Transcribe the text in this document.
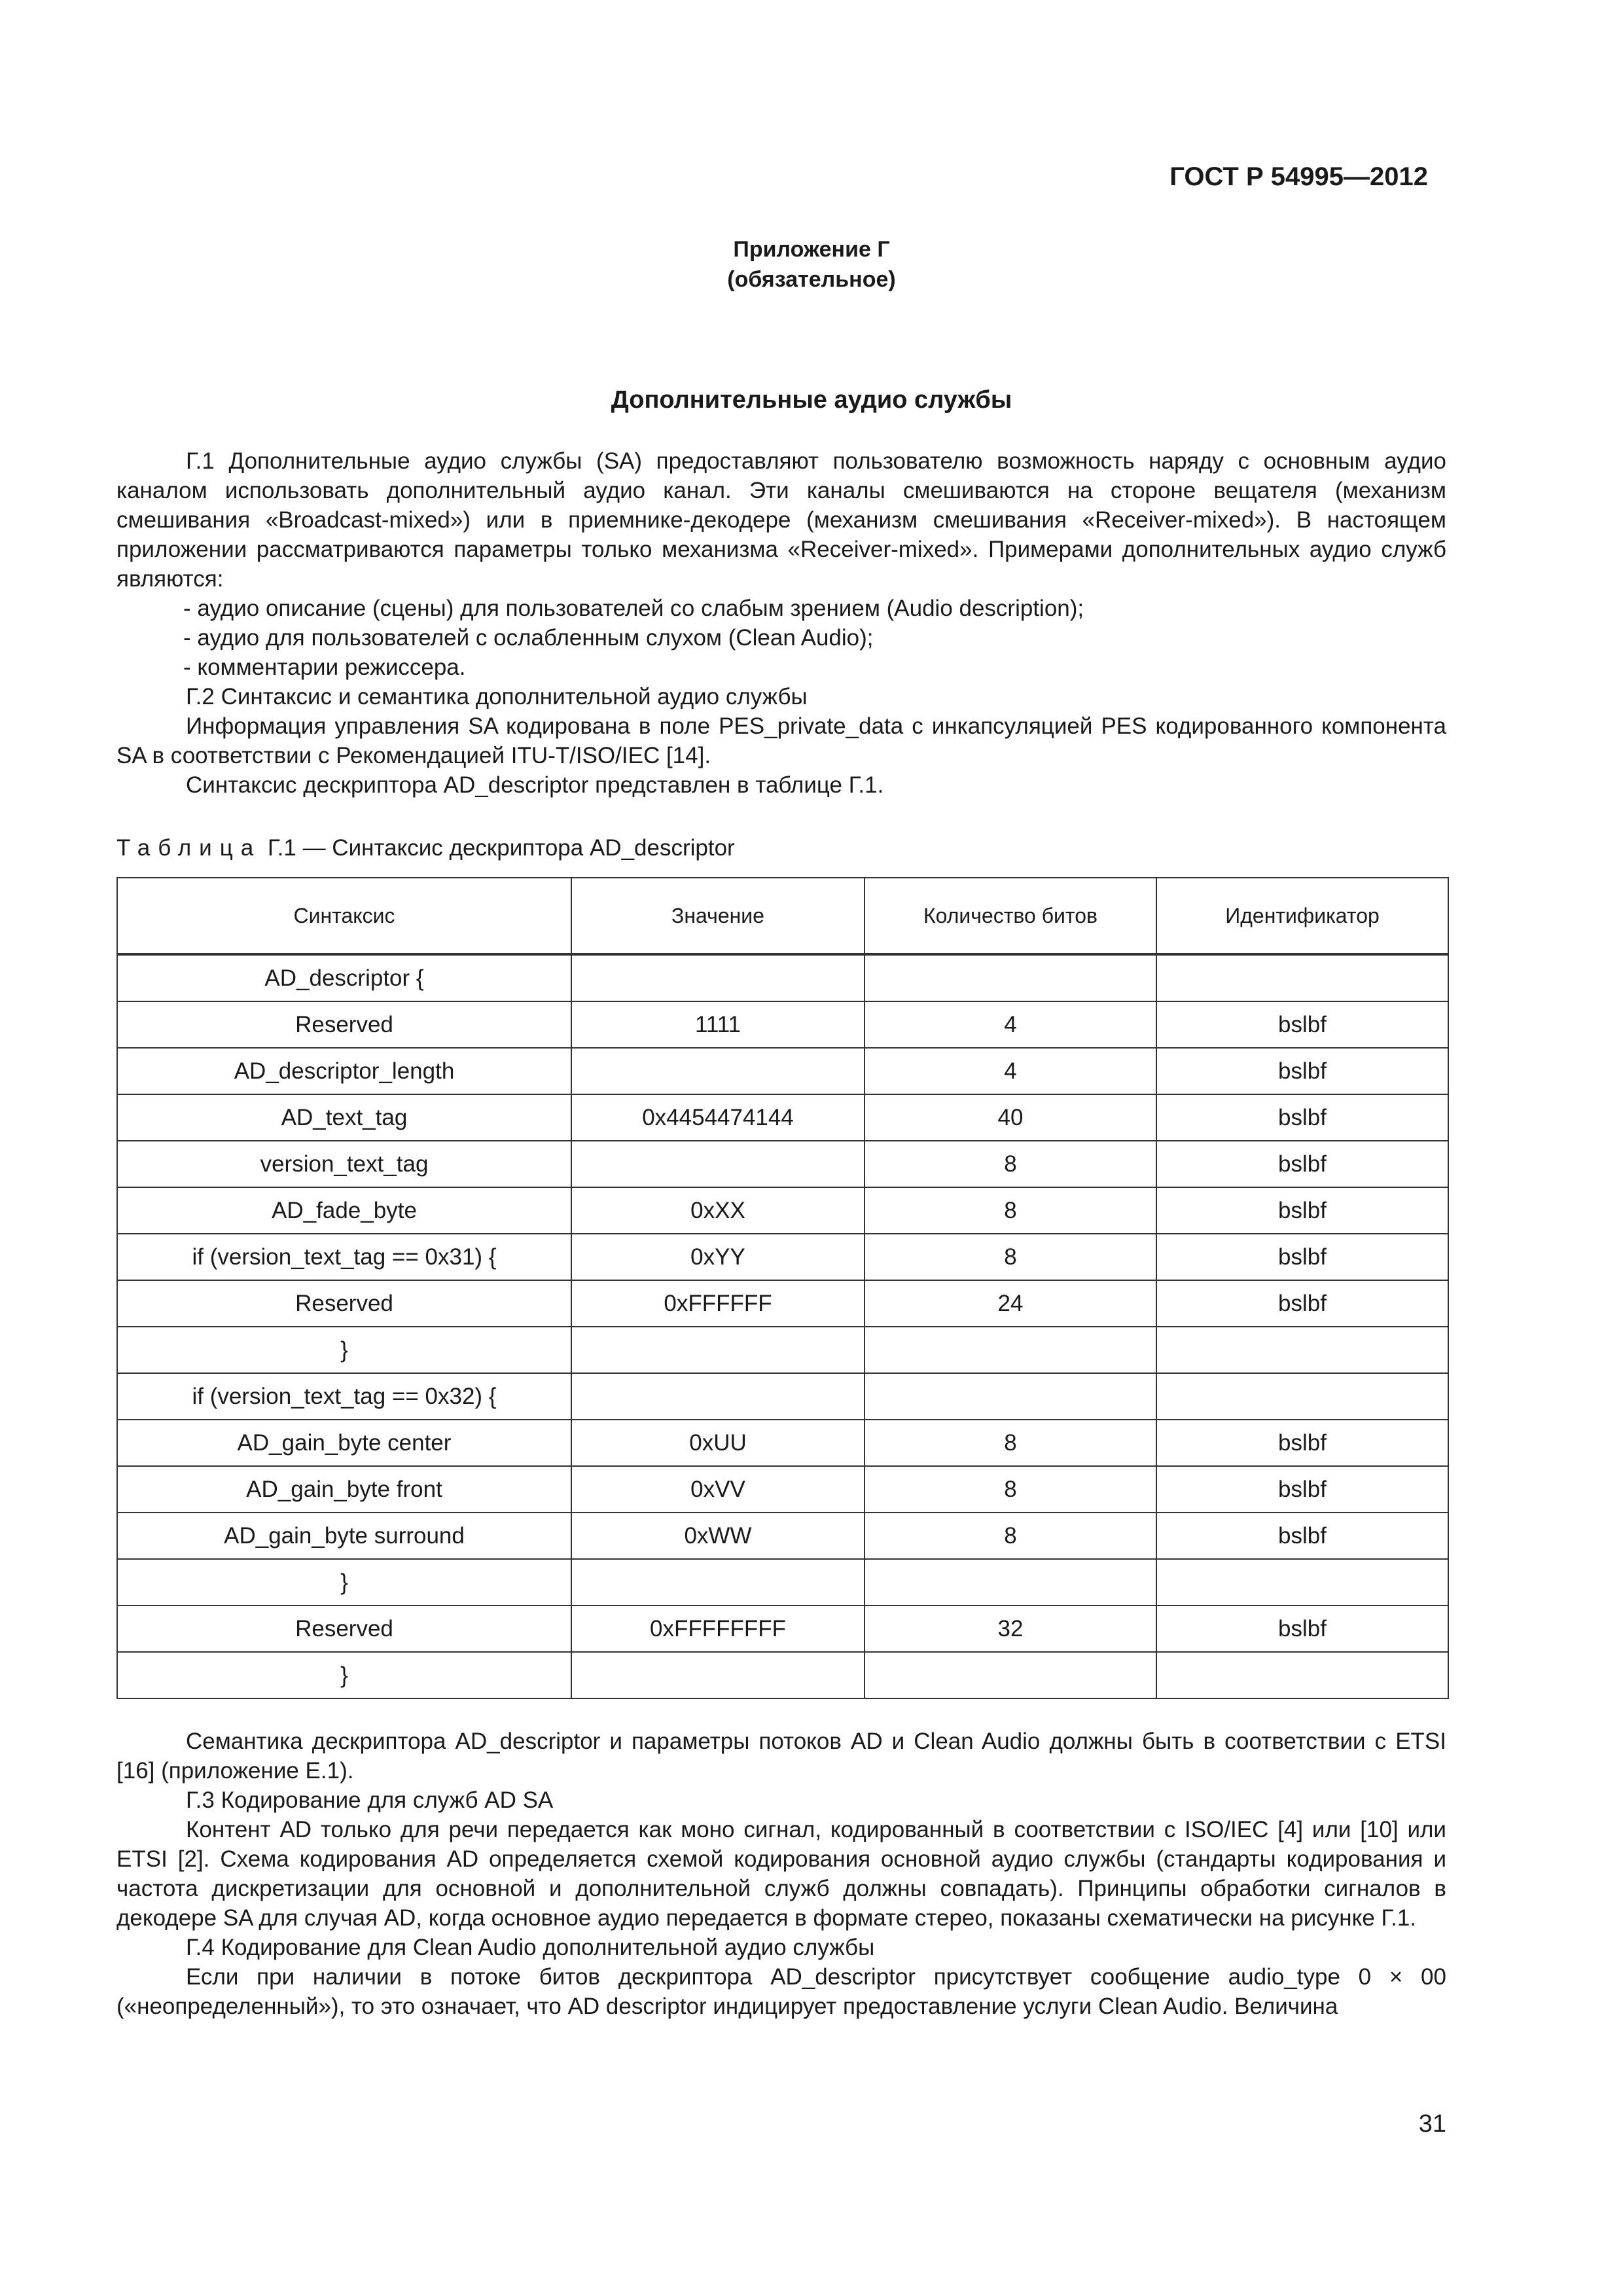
ГОСТ Р 54995—2012
Приложение Г
(обязательное)
Дополнительные аудио службы

Г.1 Дополнительные аудио службы (SA) предоставляют пользователю возможность наряду с основным аудио каналом использовать дополнительный аудио канал. Эти каналы смешиваются на стороне вещателя (механизм смешивания «Broadcast-mixed») или в приемнике-декодере (механизм смешивания «Receiver-mixed»). В настоящем приложении рассматриваются параметры только механизма «Receiver-mixed». Примерами дополнительных аудио служб являются:

- аудио описание (сцены) для пользователей со слабым зрением (Audio description);

- аудио для пользователей с ослабленным слухом (Clean Audio);

- комментарии режиссера.

Г.2 Синтаксис и семантика дополнительной аудио службы

Информация управления SA кодирована в поле PES_private_data с инкапсуляцией PES кодированного компонента SA в соответствии с Рекомендацией ITU-T/ISO/IEC [14].

Синтаксис дескриптора AD_descriptor представлен в таблице Г.1.

Таблица Г.1 — Синтаксис дескриптора AD_descriptor
Синтаксис	Значение	Количество битов	Идентификатор
AD_descriptor {			
Reserved	1111	4	bslbf
AD_descriptor_length		4	bslbf
AD_text_tag	0x4454474144	40	bslbf
version_text_tag		8	bslbf
AD_fade_byte	0xXX	8	bslbf
if (version_text_tag == 0x31) {	0xYY	8	bslbf
Reserved	0xFFFFFF	24	bslbf
}			
if (version_text_tag == 0x32) {			
AD_gain_byte center	0xUU	8	bslbf
AD_gain_byte front	0xVV	8	bslbf
AD_gain_byte surround	0xWW	8	bslbf
}			
Reserved	0xFFFFFFFF	32	bslbf
}			

Семантика дескриптора AD_descriptor и параметры потоков AD и Clean Audio должны быть в соответствии с ETSI [16] (приложение E.1).

Г.3 Кодирование для служб AD SA

Контент AD только для речи передается как моно сигнал, кодированный в соответствии с ISO/IEC [4] или [10] или ETSI [2]. Схема кодирования AD определяется схемой кодирования основной аудио службы (стандарты кодирования и частота дискретизации для основной и дополнительной служб должны совпадать). Принципы обработки сигналов в декодере SA для случая AD, когда основное аудио передается в формате стерео, показаны схематически на рисунке Г.1.

Г.4 Кодирование для Clean Audio дополнительной аудио службы

Если при наличии в потоке битов дескриптора AD_descriptor присутствует сообщение audio_type 0 × 00 («неопределенный»), то это означает, что AD descriptor индицирует предоставление услуги Clean Audio. Величина

31
